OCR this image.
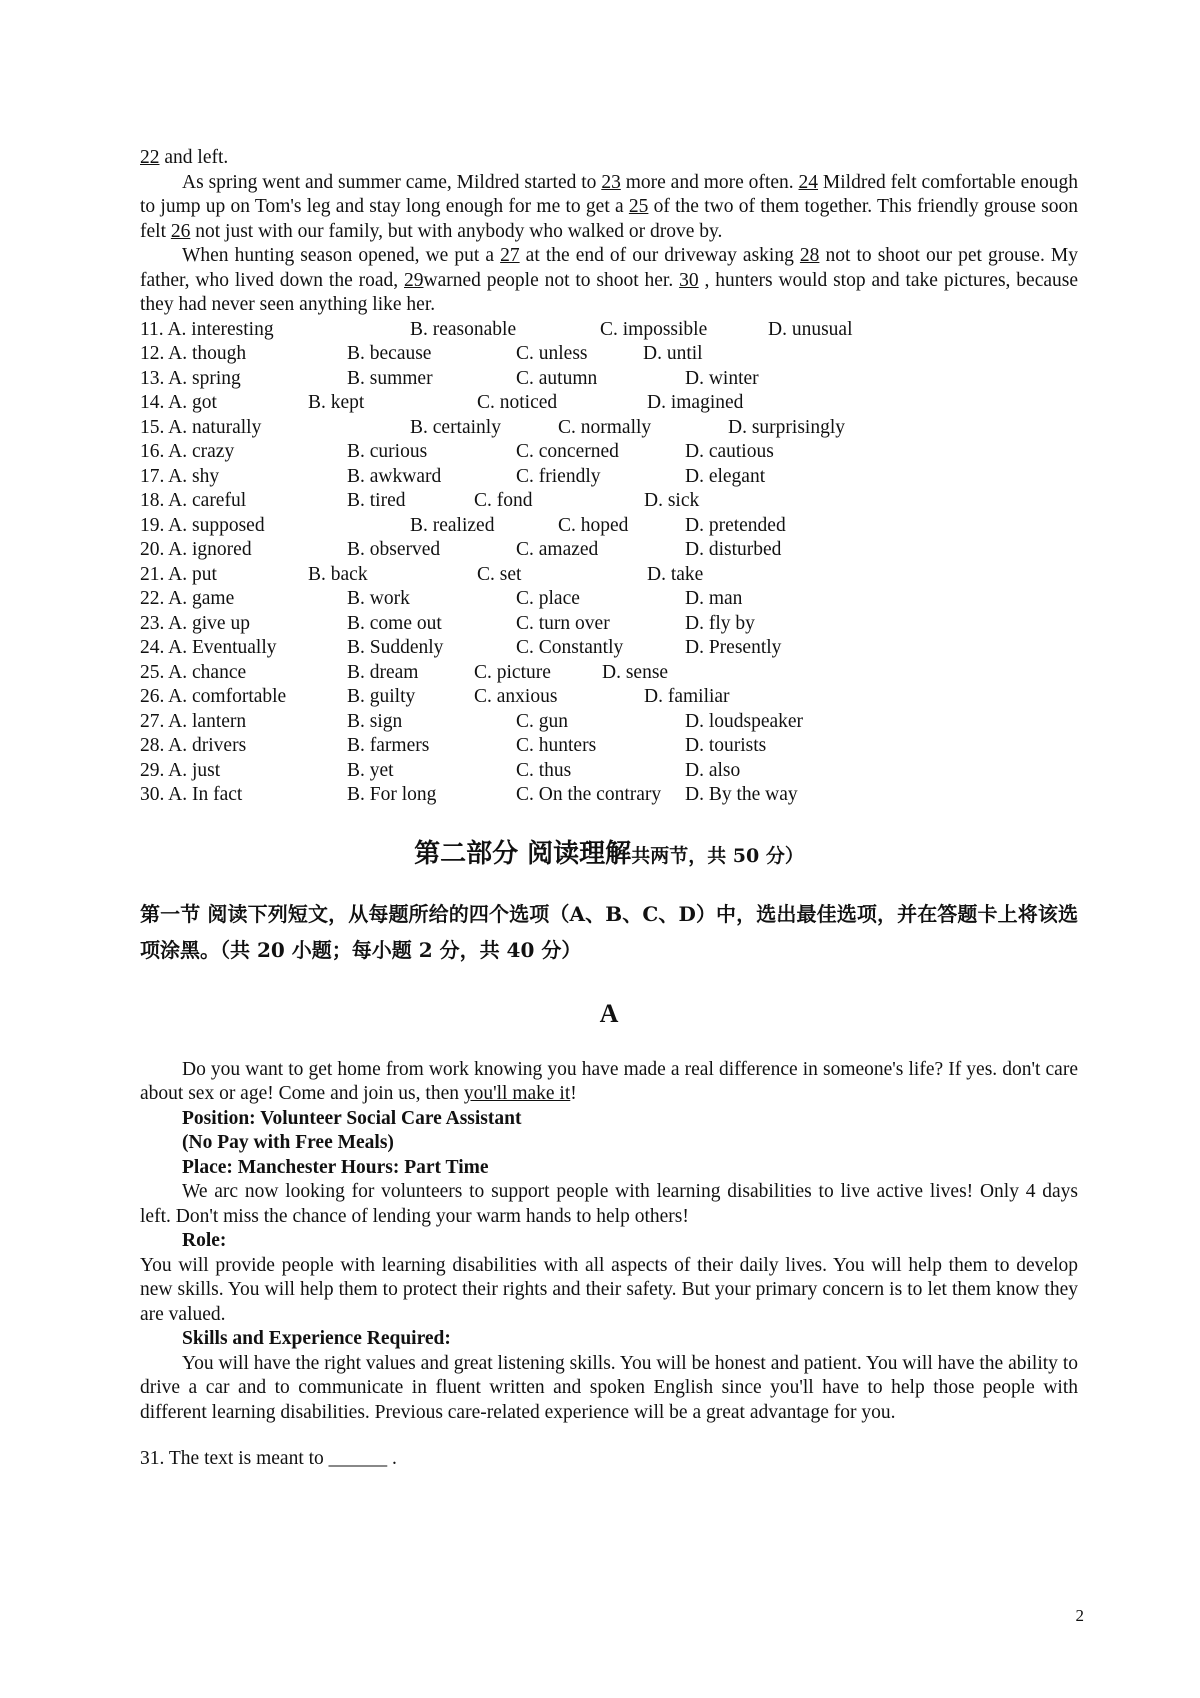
22 and left.

As spring went and summer came, Mildred started to 23 more and more often. 24 Mildred felt comfortable enough to jump up on Tom's leg and stay long enough for me to get a 25 of the two of them together. This friendly grouse soon felt 26 not just with our family, but with anybody who walked or drove by.

When hunting season opened, we put a 27 at the end of our driveway asking 28 not to shoot our pet grouse. My father, who lived down the road, 29warned people not to shoot her. 30 , hunters would stop and take pictures, because they had never seen anything like her.

11. A. interesting	B. reasonable	C. impossible	D. unusual
12. A. though	B. because	C. unless	D. until
13. A. spring	B. summer	C. autumn	D. winter
14. A. got	B. kept	C. noticed	D. imagined
15. A. naturally	B. certainly	C. normally	D. surprisingly
16. A. crazy	B. curious	C. concerned	D. cautious
17. A. shy	B. awkward	C. friendly	D. elegant
18. A. careful	B. tired	C. fond	D. sick
19. A. supposed	B. realized	C. hoped	D. pretended
20. A. ignored	B. observed	C. amazed	D. disturbed
21. A. put	B. back	C. set	D. take
22. A. game	B. work	C. place	D. man
23. A. give up	B. come out	C. turn over	D. fly by
24. A. Eventually	B. Suddenly	C. Constantly	D. Presently
25. A. chance	B. dream	C. picture	D. sense
26. A. comfortable	B. guilty	C. anxious	D. familiar
27. A. lantern	B. sign	C. gun	D. loudspeaker
28. A. drivers	B. farmers	C. hunters	D. tourists
29. A. just	B. yet	C. thus	D. also
30. A. In fact	B. For long	C. On the contrary	D. By the way
第二部分 阅读理解共两节，共 50 分）
第一节 阅读下列短文，从每题所给的四个选项（A、B、C、D）中，选出最佳选项，并在答题卡上将该选项涂黑。（共 20 小题；每小题 2 分，共 40 分）
A

Do you want to get home from work knowing you have made a real difference in someone's life? If yes. don't care about sex or age! Come and join us, then you'll make it!

Position: Volunteer Social Care Assistant

(No Pay with Free Meals)

Place: Manchester Hours: Part Time

We arc now looking for volunteers to support people with learning disabilities to live active lives! Only 4 days left. Don't miss the chance of lending your warm hands to help others!

Role:

You will provide people with learning disabilities with all aspects of their daily lives. You will help them to develop new skills. You will help them to protect their rights and their safety. But your primary concern is to let them know they are valued.

Skills and Experience Required:

You will have the right values and great listening skills. You will be honest and patient. You will have the ability to drive a car and to communicate in fluent written and spoken English since you'll have to help those people with different learning disabilities. Previous care-related experience will be a great advantage for you.

31. The text is meant to ______ .

2
